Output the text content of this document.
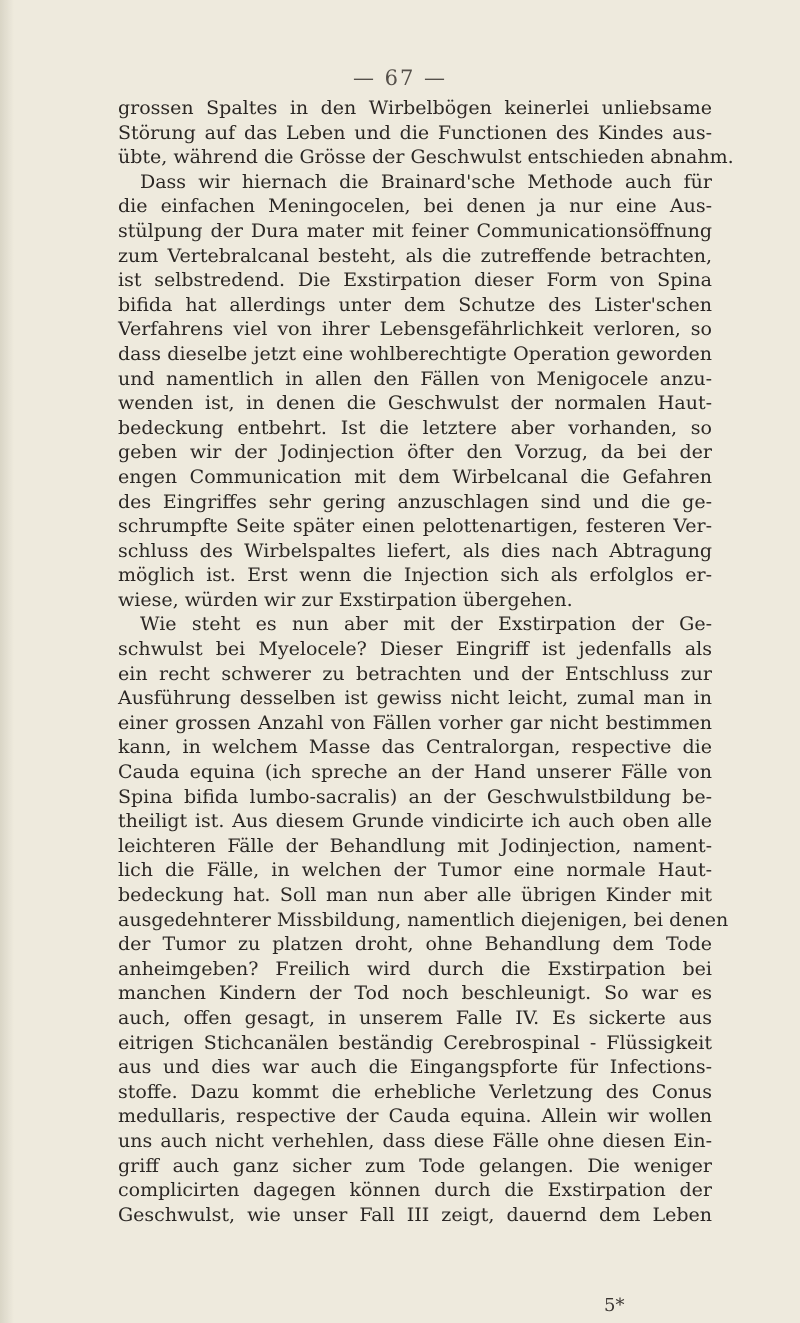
— 67 —
grossen Spaltes in den Wirbelbögen keinerlei unliebsame
Störung auf das Leben und die Functionen des Kindes aus-
übte, während die Grösse der Geschwulst entschieden abnahm.
Dass wir hiernach die Brainard'sche Methode auch für
die einfachen Meningocelen, bei denen ja nur eine Aus-
stülpung der Dura mater mit feiner Communicationsöffnung
zum Vertebralcanal besteht, als die zutreffende betrachten,
ist selbstredend. Die Exstirpation dieser Form von Spina
bifida hat allerdings unter dem Schutze des Lister'schen
Verfahrens viel von ihrer Lebensgefährlichkeit verloren, so
dass dieselbe jetzt eine wohlberechtigte Operation geworden
und namentlich in allen den Fällen von Menigocele anzu-
wenden ist, in denen die Geschwulst der normalen Haut-
bedeckung entbehrt. Ist die letztere aber vorhanden, so
geben wir der Jodinjection öfter den Vorzug, da bei der
engen Communication mit dem Wirbelcanal die Gefahren
des Eingriffes sehr gering anzuschlagen sind und die ge-
schrumpfte Seite später einen pelottenartigen, festeren Ver-
schluss des Wirbelspaltes liefert, als dies nach Abtragung
möglich ist. Erst wenn die Injection sich als erfolglos er-
wiese, würden wir zur Exstirpation übergehen.
Wie steht es nun aber mit der Exstirpation der Ge-
schwulst bei Myelocele? Dieser Eingriff ist jedenfalls als
ein recht schwerer zu betrachten und der Entschluss zur
Ausführung desselben ist gewiss nicht leicht, zumal man in
einer grossen Anzahl von Fällen vorher gar nicht bestimmen
kann, in welchem Masse das Centralorgan, respective die
Cauda equina (ich spreche an der Hand unserer Fälle von
Spina bifida lumbo-sacralis) an der Geschwulstbildung be-
theiligt ist. Aus diesem Grunde vindicirte ich auch oben alle
leichteren Fälle der Behandlung mit Jodinjection, nament-
lich die Fälle, in welchen der Tumor eine normale Haut-
bedeckung hat. Soll man nun aber alle übrigen Kinder mit
ausgedehnterer Missbildung, namentlich diejenigen, bei denen
der Tumor zu platzen droht, ohne Behandlung dem Tode
anheimgeben? Freilich wird durch die Exstirpation bei
manchen Kindern der Tod noch beschleunigt. So war es
auch, offen gesagt, in unserem Falle IV. Es sickerte aus
eitrigen Stichcanälen beständig Cerebrospinal - Flüssigkeit
aus und dies war auch die Eingangspforte für Infections-
stoffe. Dazu kommt die erhebliche Verletzung des Conus
medullaris, respective der Cauda equina. Allein wir wollen
uns auch nicht verhehlen, dass diese Fälle ohne diesen Ein-
griff auch ganz sicher zum Tode gelangen. Die weniger
complicirten dagegen können durch die Exstirpation der
Geschwulst, wie unser Fall III zeigt, dauernd dem Leben
5*
